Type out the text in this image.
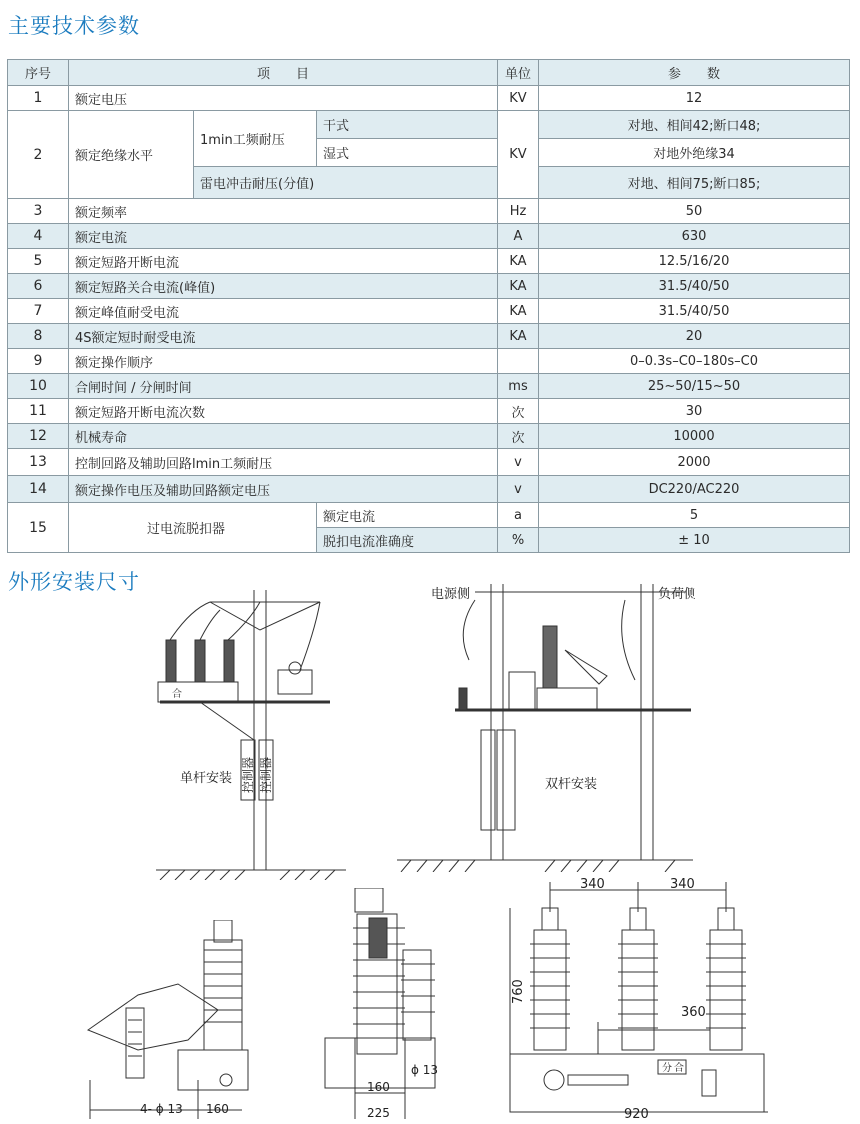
主要技术参数
序号	项　　目			单位	参　　数
1	额定电压			KV	12
2	额定绝缘水平	1min工频耐压	干式	KV	对地、相间42;断口48;
			湿式		对地外绝缘34
		雷电冲击耐压(分值)			对地、相间75;断口85;
3	额定频率			Hz	50
4	额定电流			A	630
5	额定短路开断电流			KA	12.5/16/20
6	额定短路关合电流(峰值)			KA	31.5/40/50
7	额定峰值耐受电流			KA	31.5/40/50
8	4S额定短时耐受电流			KA	20
9	额定操作顺序				0–0.3s–C0–180s–C0
10	合闸时间 / 分闸时间			ms	25~50/15~50
11	额定短路开断电流次数			次	30
12	机械寿命			次	10000
13	控制回路及辅助回路lmin工频耐压			v	2000
14	额定操作电压及辅助回路额定电压			v	DC220/AC220
15	过电流脱扣器		额定电流	a	5
			脱扣电流准确度	%	± 10
外形安装尺寸
合
控制器 控制器
单杆安装
电源侧	负荷侧
双杆安装
4- ϕ 13 160
160
ϕ 13
225
340	340
760
360
分 合
920
